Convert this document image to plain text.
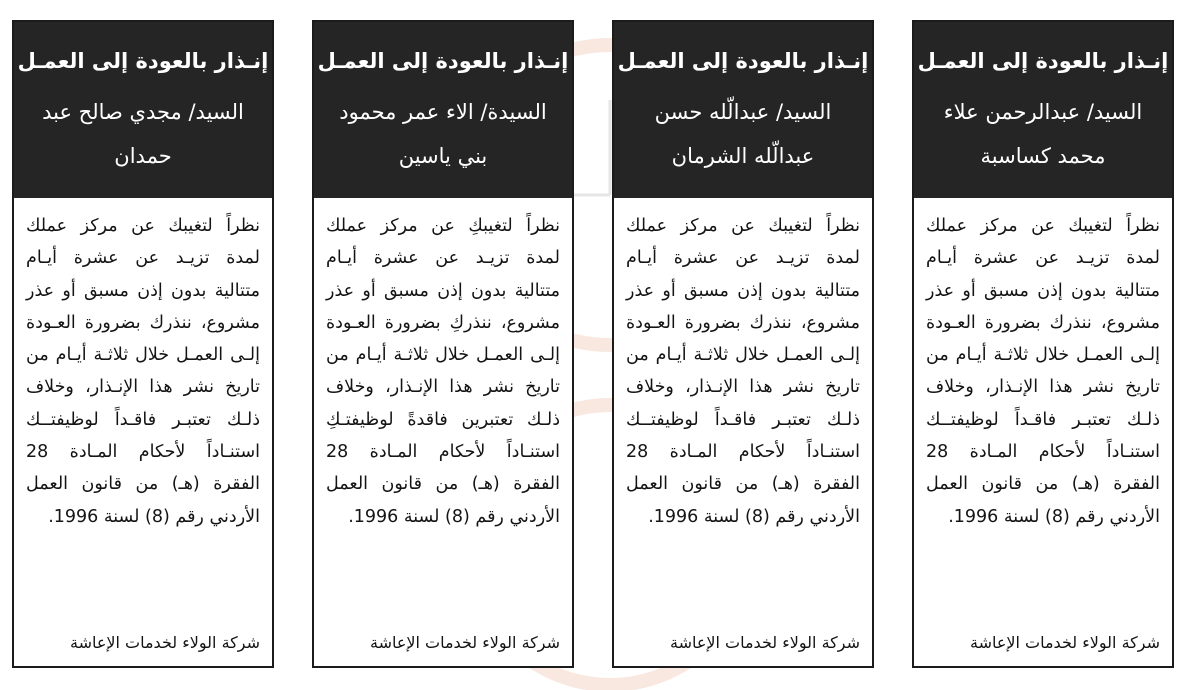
إنـذار بالعودة إلى العمـل
السيد/ مجدي صالح عبد حمدان
نظراً لتغيبك عن مركز عملك لمدة تزيـد عن عشرة أيـام متتالية بدون إذن مسبق أو عذر مشروع، ننذرك بضرورة العـودة إلـى العمـل خلال ثلاثـة أيـام من تاريخ نشر هذا الإنـذار، وخلاف ذلـك تعتبـر فاقـداً لوظيفتــك استنـاداً لأحكام المـادة 28 الفقرة (هـ) من قانون العمل الأردني رقم (8) لسنة 1996.
شركة الولاء لخدمات الإعاشة
إنـذار بالعودة إلى العمـل
السيدة/ الاء عمر محمود بني ياسين
نظراً لتغيبكِ عن مركز عملك لمدة تزيـد عن عشرة أيـام متتالية بدون إذن مسبق أو عذر مشروع، ننذركِ بضرورة العـودة إلـى العمـل خلال ثلاثـة أيـام من تاريخ نشر هذا الإنـذار، وخلاف ذلـك تعتبرين فاقدةً لوظيفتـكِ استنـاداً لأحكام المـادة 28 الفقرة (هـ) من قانون العمل الأردني رقم (8) لسنة 1996.
شركة الولاء لخدمات الإعاشة
إنـذار بالعودة إلى العمـل
السيد/ عبدالّله حسن عبدالّله الشرمان
نظراً لتغيبك عن مركز عملك لمدة تزيـد عن عشرة أيـام متتالية بدون إذن مسبق أو عذر مشروع، ننذرك بضرورة العـودة إلـى العمـل خلال ثلاثـة أيـام من تاريخ نشر هذا الإنـذار، وخلاف ذلـك تعتبـر فاقـداً لوظيفتــك استنـاداً لأحكام المـادة 28 الفقرة (هـ) من قانون العمل الأردني رقم (8) لسنة 1996.
شركة الولاء لخدمات الإعاشة
إنـذار بالعودة إلى العمـل
السيد/ عبدالرحمن علاء محمد كساسبة
نظراً لتغيبك عن مركز عملك لمدة تزيـد عن عشرة أيـام متتالية بدون إذن مسبق أو عذر مشروع، ننذرك بضرورة العـودة إلـى العمـل خلال ثلاثـة أيـام من تاريخ نشر هذا الإنـذار، وخلاف ذلـك تعتبـر فاقـداً لوظيفتــك استنـاداً لأحكام المـادة 28 الفقرة (هـ) من قانون العمل الأردني رقم (8) لسنة 1996.
شركة الولاء لخدمات الإعاشة
